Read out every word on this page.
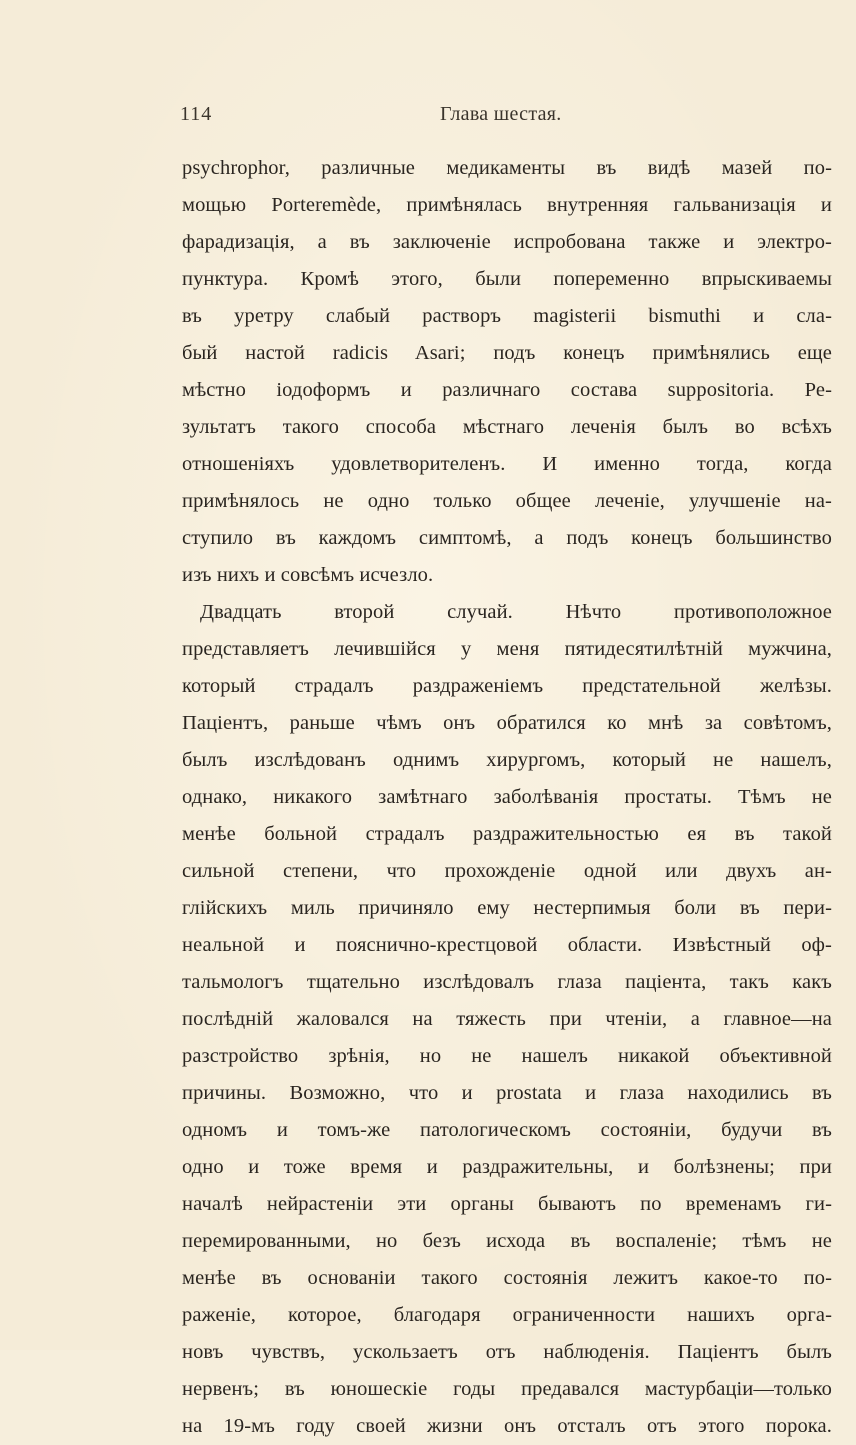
114	Глава шестая.
psychrophor, различные медикаменты въ видѣ мазей по-
мощью Porteremède, примѣнялась внутренняя гальванизація и
фарадизація, а въ заключеніе испробована также и электро-
пунктура. Кромѣ этого, были попеременно впрыскиваемы
въ уретру слабый растворъ magisterii bismuthi и сла-
бый настой radicis Asari; подъ конецъ примѣнялись еще
мѣстно іодоформъ и различнаго состава suppositoria. Ре-
зультатъ такого способа мѣстнаго леченія былъ во всѣхъ
отношеніяхъ удовлетворителенъ. И именно тогда, когда
примѣнялось не одно только общее леченіе, улучшеніе на-
ступило въ каждомъ симптомѣ, а подъ конецъ большинство
изъ нихъ и совсѣмъ исчезло.
Двадцать второй случай. Нѣчто противоположное
представляетъ лечившійся у меня пятидесятилѣтній мужчина,
который страдалъ раздраженіемъ предстательной желѣзы.
Паціентъ, раньше чѣмъ онъ обратился ко мнѣ за совѣтомъ,
былъ изслѣдованъ однимъ хирургомъ, который не нашелъ,
однако, никакого замѣтнаго заболѣванія простаты. Тѣмъ не
менѣе больной страдалъ раздражительностью ея въ такой
сильной степени, что прохожденіе одной или двухъ ан-
глійскихъ миль причиняло ему нестерпимыя боли въ пери-
неальной и пояснично-крестцовой области. Извѣстный оф-
тальмологъ тщательно изслѣдовалъ глаза паціента, такъ какъ
послѣдній жаловался на тяжесть при чтеніи, а главное—на
разстройство зрѣнія, но не нашелъ никакой объективной
причины. Возможно, что и prostata и глаза находились въ
одномъ и томъ-же патологическомъ состояніи, будучи въ
одно и тоже время и раздражительны, и болѣзнены; при
началѣ нейрастеніи эти органы бываютъ по временамъ ги-
перемированными, но безъ исхода въ воспаленіе; тѣмъ не
менѣе въ основаніи такого состоянія лежитъ какое-то по-
раженіе, которое, благодаря ограниченности нашихъ орга-
новъ чувствъ, ускользаетъ отъ наблюденія. Паціентъ былъ
нервенъ; въ юношескіе годы предавался мастурбаціи—только
на 19-мъ году своей жизни онъ отсталъ отъ этого порока.
